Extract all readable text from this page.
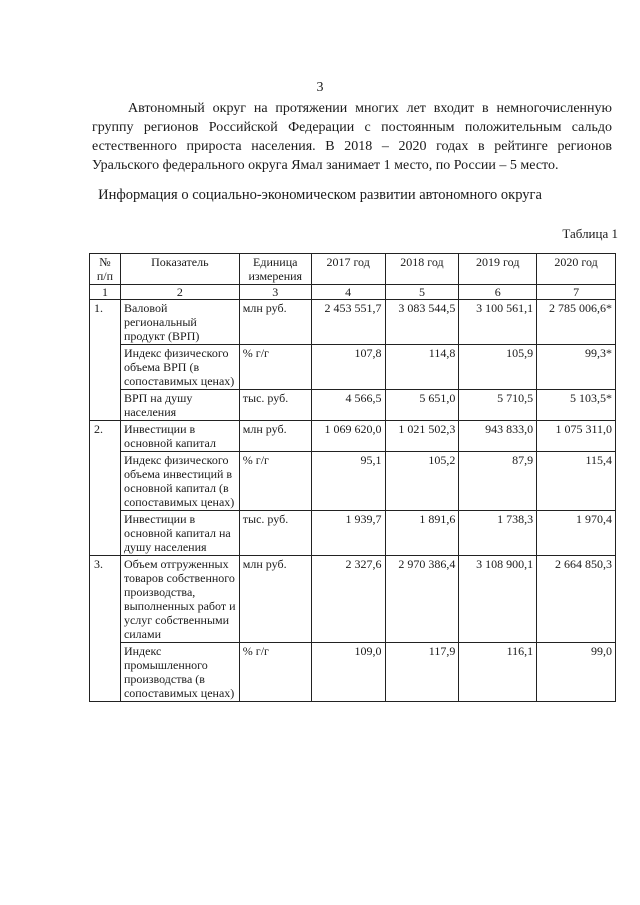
3

Автономный округ на протяжении многих лет входит в немногочисленную группу регионов Российской Федерации с постоянным положительным сальдо естественного прироста населения. В 2018 – 2020 годах в рейтинге регионов Уральского федерального округа Ямал занимает 1 место, по России – 5 место.

Информация о социально-экономическом развитии автономного округа
Таблица 1
№ п/п	Показатель	Единица измерения	2017 год	2018 год	2019 год	2020 год
1	2	3	4	5	6	7
1.	Валовой региональный продукт (ВРП)	млн руб.	2 453 551,7	3 083 544,5	3 100 561,1	2 785 006,6*
	Индекс физического объема ВРП (в сопоставимых ценах)	% г/г	107,8	114,8	105,9	99,3*
	ВРП на душу населения	тыс. руб.	4 566,5	5 651,0	5 710,5	5 103,5*
2.	Инвестиции в основной капитал	млн руб.	1 069 620,0	1 021 502,3	943 833,0	1 075 311,0
	Индекс физического объема инвестиций в основной капитал (в сопоставимых ценах)	% г/г	95,1	105,2	87,9	115,4
	Инвестиции в основной капитал на душу населения	тыс. руб.	1 939,7	1 891,6	1 738,3	1 970,4
3.	Объем отгруженных товаров собственного производства, выполненных работ и услуг собственными силами	млн руб.	2 327,6	2 970 386,4	3 108 900,1	2 664 850,3
	Индекс промышленного производства (в сопоставимых ценах)	% г/г	109,0	117,9	116,1	99,0
